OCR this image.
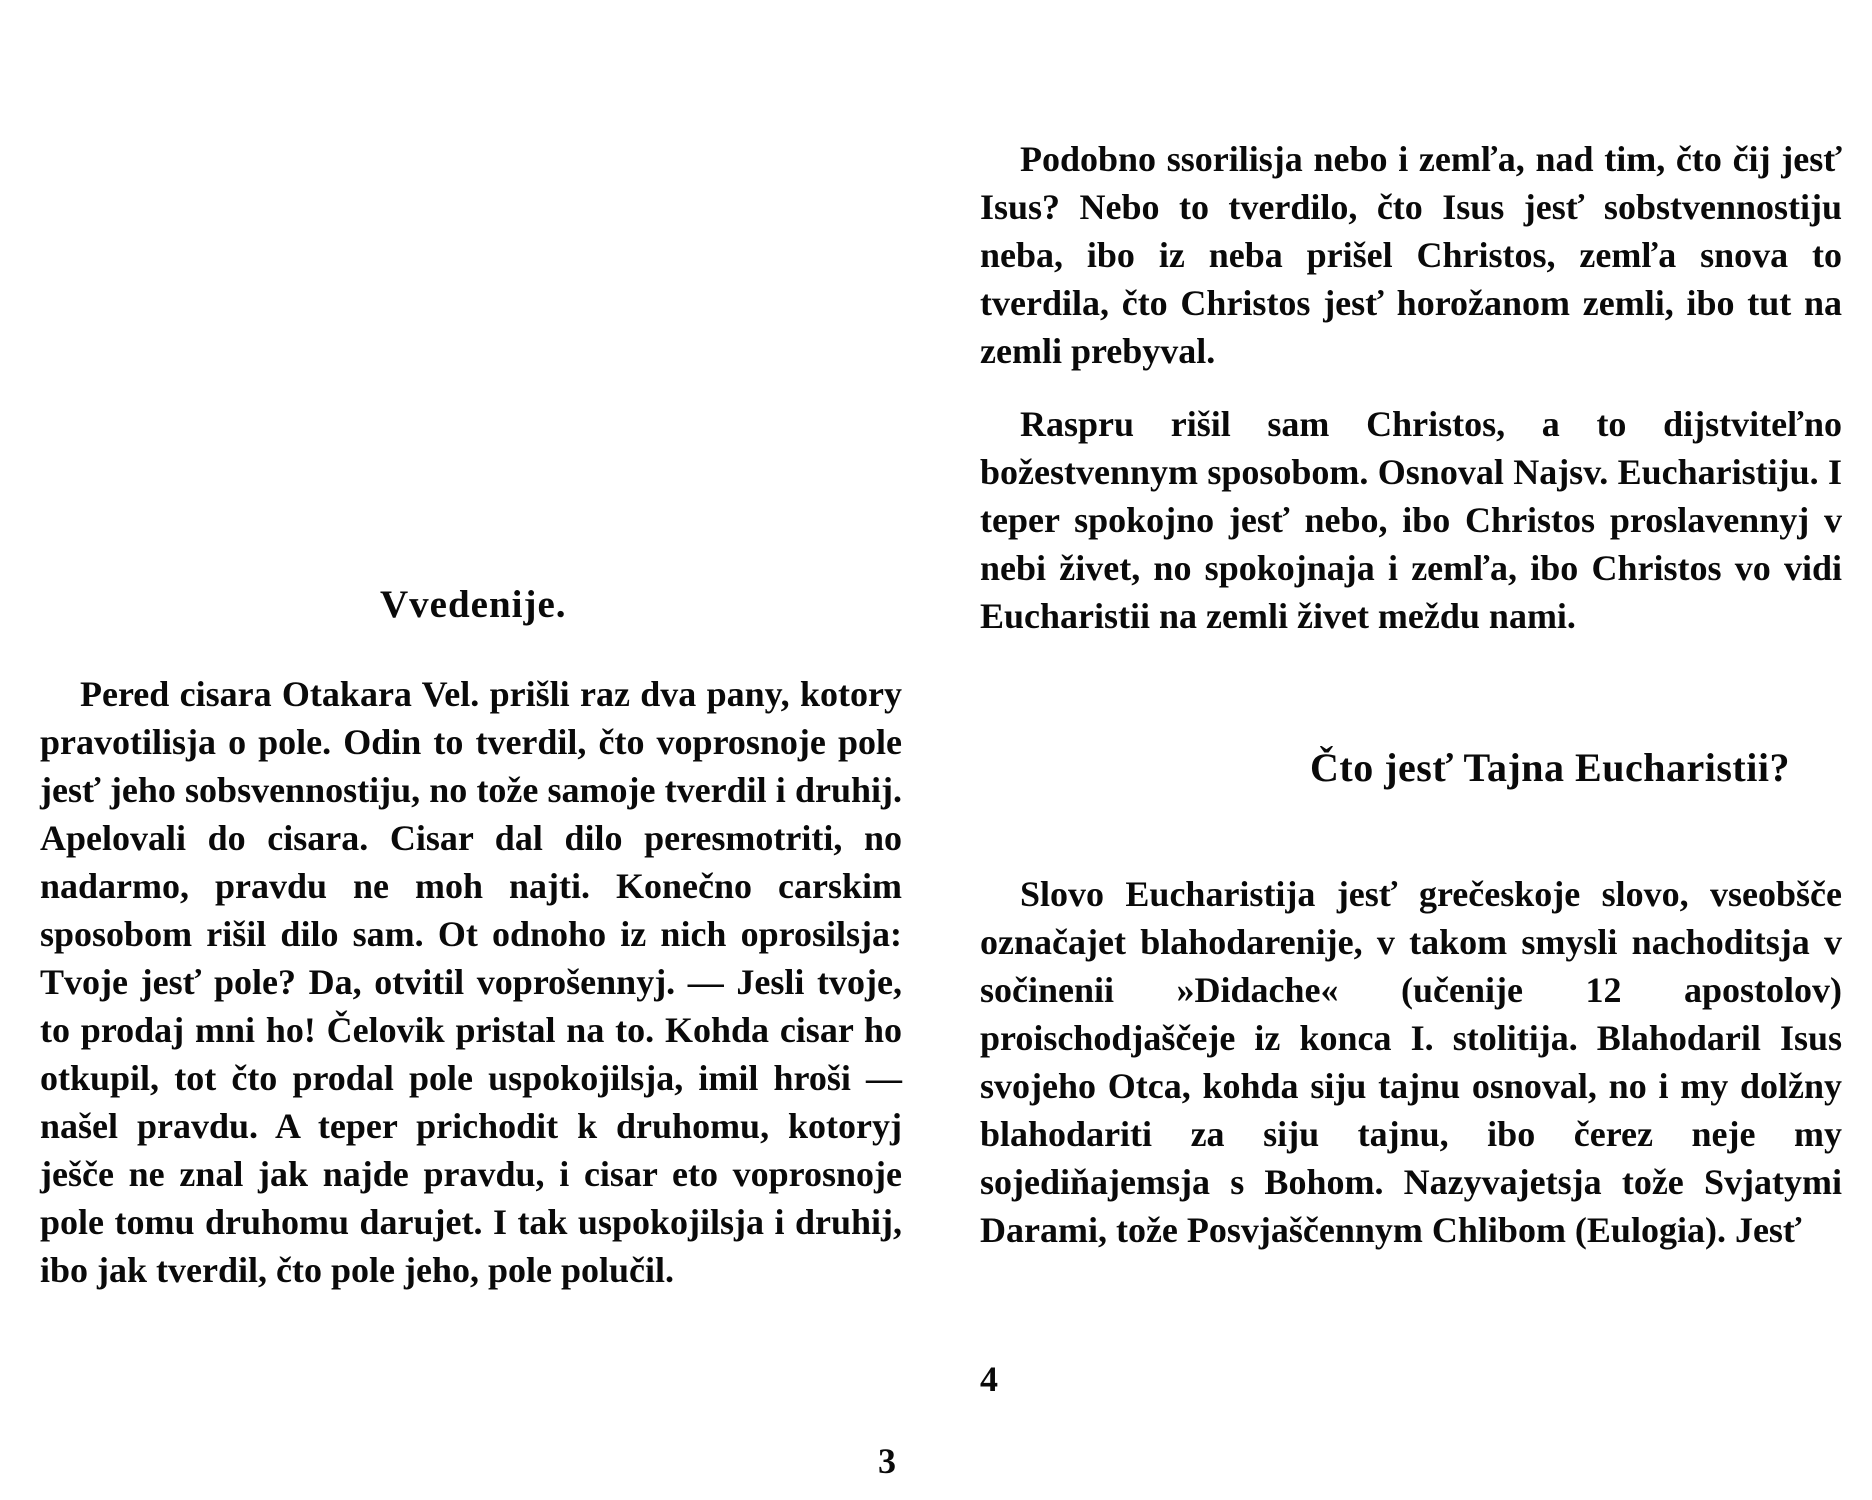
Vvedenije.

Pered cisara Otakara Vel. prišli raz dva pany, kotory pravotilisja o pole. Odin to tverdil, čto voprosnoje pole jesť jeho sobsvennostiju, no tože samoje tverdil i druhij. Apelovali do cisara. Cisar dal dilo peresmotriti, no nadarmo, pravdu ne moh najti. Konečno carskim sposobom rišil dilo sam. Ot odnoho iz nich oprosilsja: Tvoje jesť pole? Da, otvitil voprošennyj. — Jesli tvoje, to prodaj mni ho! Čelovik pristal na to. Kohda cisar ho otkupil, tot čto prodal pole uspokojilsja, imil hroši — našel pravdu. A teper prichodit k druhomu, kotoryj ješče ne znal jak najde pravdu, i cisar eto voprosnoje pole tomu druhomu darujet. I tak uspokojilsja i druhij, ibo jak tverdil, čto pole jeho, pole polučil.

3

Podobno ssorilisja nebo i zemľa, nad tim, čto čij jesť Isus? Nebo to tverdilo, čto Isus jesť sobstvennostiju neba, ibo iz neba prišel Christos, zemľa snova to tverdila, čto Christos jesť horožanom zemli, ibo tut na zemli prebyval.

Raspru rišil sam Christos, a to dijstviteľno božestvennym sposobom. Osnoval Najsv. Eucharistiju. I teper spokojno jesť nebo, ibo Christos proslavennyj v nebi živet, no spokojnaja i zemľa, ibo Christos vo vidi Eucharistii na zemli živet meždu nami.

Čto jesť Tajna Eucharistii?

Slovo Eucharistija jesť grečeskoje slovo, vseobšče označajet blahodarenije, v takom smysli nachoditsja v sočinenii »Didache« (učenije 12 apostolov) proischodjaščeje iz konca I. stolitija. Blahodaril Isus svojeho Otca, kohda siju tajnu osnoval, no i my dolžny blahodariti za siju tajnu, ibo čerez neje my sojediňajemsja s Bohom. Nazyvajetsja tože Svjatymi Darami, tože Posvjaščennym Chlibom (Eulogia). Jesť

4
